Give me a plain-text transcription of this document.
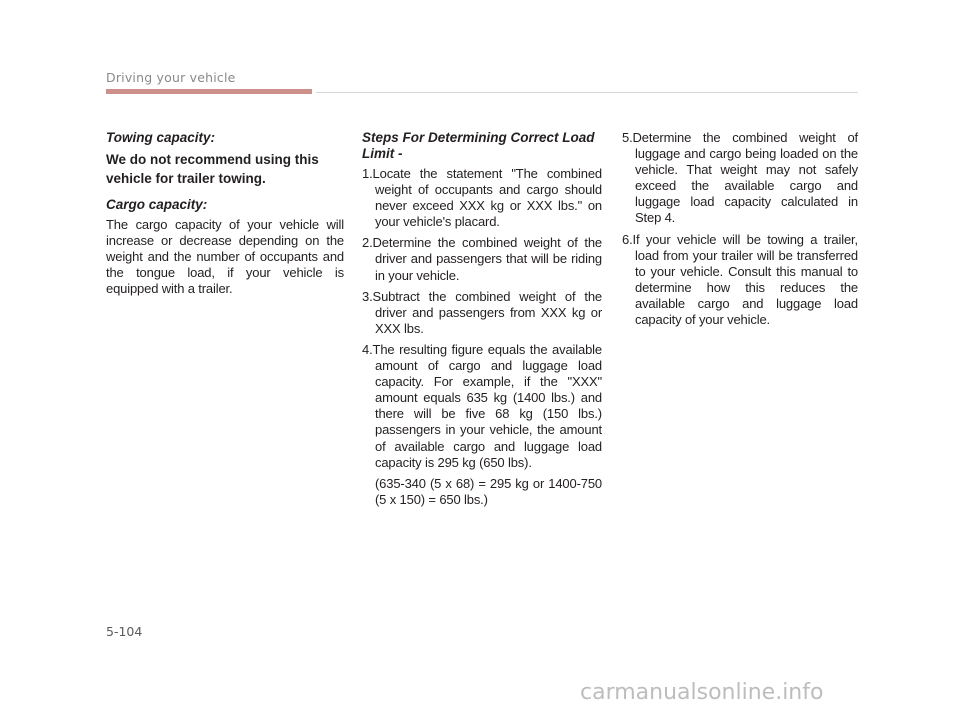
Driving your vehicle

Towing capacity:

We do not recommend using this vehicle for trailer towing.

Cargo capacity:

The cargo capacity of your vehicle will increase or decrease depending on the weight and the number of occupants and the tongue load, if your vehicle is equipped with a trailer.

Steps For Determining Correct Load Limit -

1.Locate the statement "The combined weight of occupants and cargo should never exceed XXX kg or XXX lbs." on your vehicle's placard.

2.Determine the combined weight of the driver and passengers that will be riding in your vehicle.

3.Subtract the combined weight of the driver and passengers from XXX kg or XXX lbs.

4.The resulting figure equals the available amount of cargo and luggage load capacity. For example, if the "XXX" amount equals 635 kg (1400 lbs.) and there will be five 68 kg (150 lbs.) passengers in your vehicle, the amount of available cargo and luggage load capacity is 295 kg (650 lbs).

(635-340 (5 x 68) = 295 kg or 1400-750 (5 x 150) = 650 lbs.)

5.Determine the combined weight of luggage and cargo being loaded on the vehicle. That weight may not safely exceed the available cargo and luggage load capacity calculated in Step 4.

6.If your vehicle will be towing a trailer, load from your trailer will be transferred to your vehicle. Consult this manual to determine how this reduces the available cargo and luggage load capacity of your vehicle.

5-104
carmanualsonline.info
